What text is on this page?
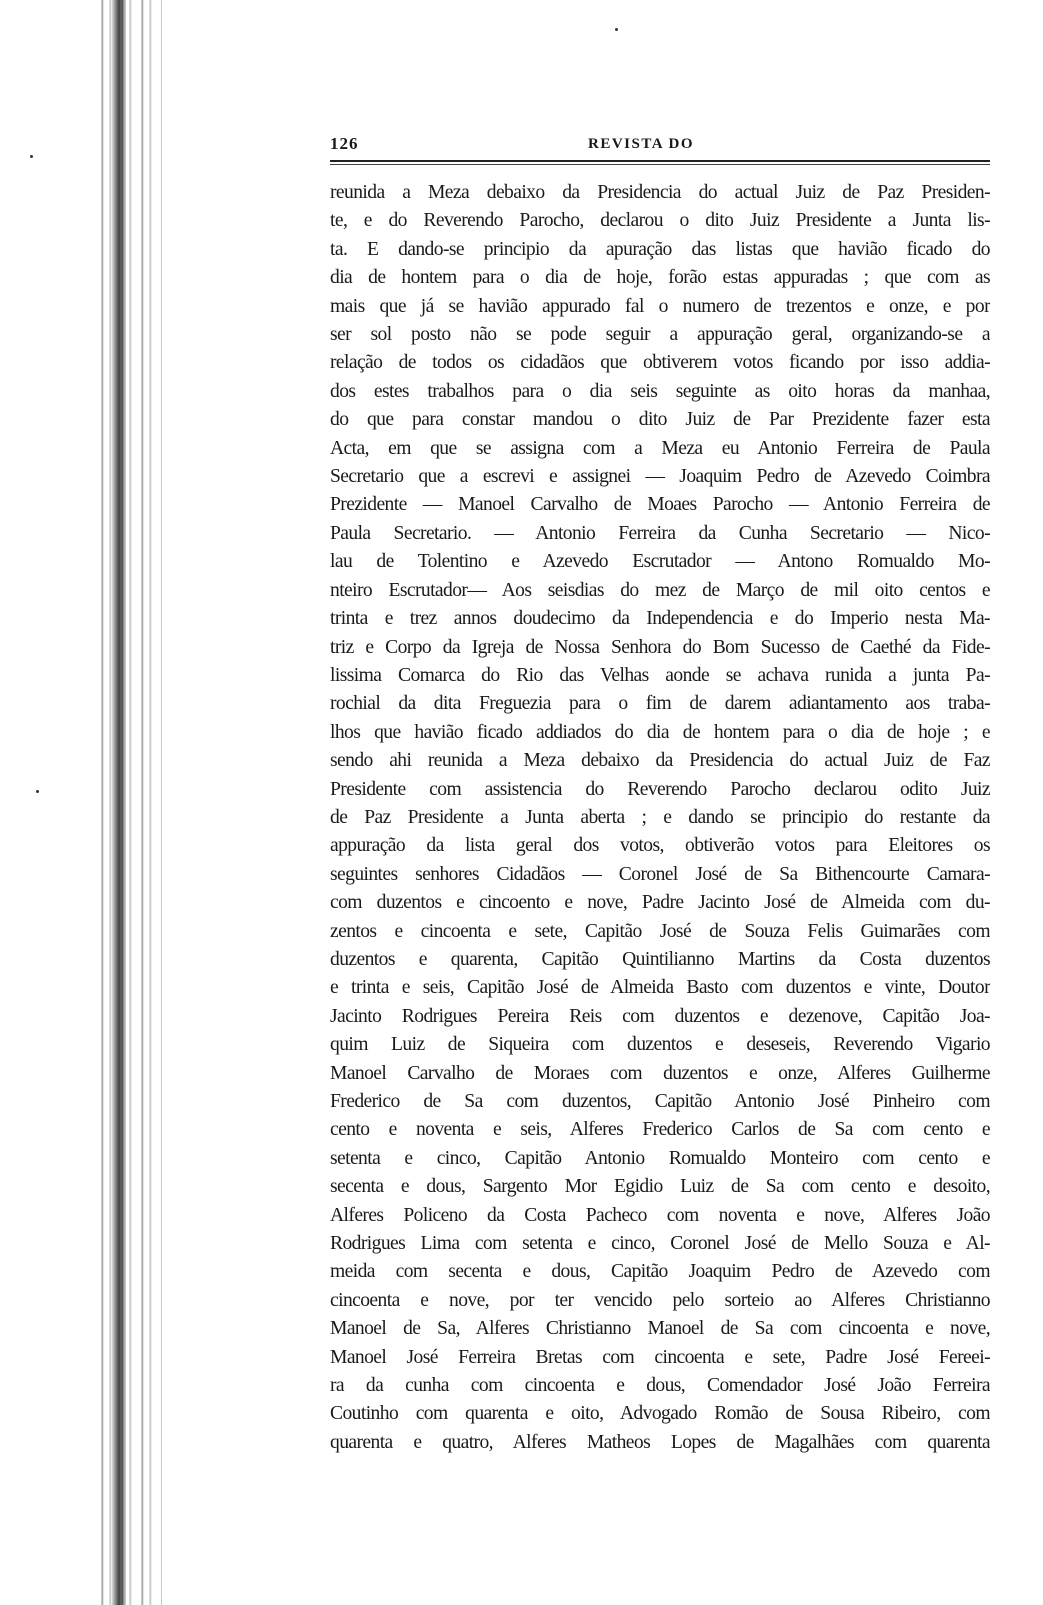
126	REVISTA DO
reunida a Meza debaixo da Presidencia do actual Juiz de Paz Presiden-
te, e do Reverendo Parocho, declarou o dito Juiz Presidente a Junta lis-
ta. E dando-se principio da apuração das listas que havião ficado do
dia de hontem para o dia de hoje, forão estas appuradas ; que com as
mais que já se havião appurado fal o numero de trezentos e onze, e por
ser sol posto não se pode seguir a appuração geral, organizando-se a
relação de todos os cidadãos que obtiverem votos ficando por isso addia-
dos estes trabalhos para o dia seis seguinte as oito horas da manhaa,
do que para constar mandou o dito Juiz de Par Prezidente fazer esta
Acta, em que se assigna com a Meza eu Antonio Ferreira de Paula
Secretario que a escrevi e assignei — Joaquim Pedro de Azevedo Coimbra
Prezidente — Manoel Carvalho de Moaes Parocho — Antonio Ferreira de
Paula Secretario. — Antonio Ferreira da Cunha Secretario — Nico-
lau de Tolentino e Azevedo Escrutador — Antono Romualdo Mo-
nteiro Escrutador— Aos seisdias do mez de Março de mil oito centos e
trinta e trez annos doudecimo da Independencia e do Imperio nesta Ma-
triz e Corpo da Igreja de Nossa Senhora do Bom Sucesso de Caethé da Fide-
lissima Comarca do Rio das Velhas aonde se achava runida a junta Pa-
rochial da dita Freguezia para o fim de darem adiantamento aos traba-
lhos que havião ficado addiados do dia de hontem para o dia de hoje ; e
sendo ahi reunida a Meza debaixo da Presidencia do actual Juiz de Faz
Presidente com assistencia do Reverendo Parocho declarou odito Juiz
de Paz Presidente a Junta aberta ; e dando se principio do restante da
appuração da lista geral dos votos, obtiverão votos para Eleitores os
seguintes senhores Cidadãos — Coronel José de Sa Bithencourte Camara-
com duzentos e cincoento e nove, Padre Jacinto José de Almeida com du-
zentos e cincoenta e sete, Capitão José de Souza Felis Guimarães com
duzentos e quarenta, Capitão Quintilianno Martins da Costa duzentos
e trinta e seis, Capitão José de Almeida Basto com duzentos e vinte, Doutor
Jacinto Rodrigues Pereira Reis com duzentos e dezenove, Capitão Joa-
quim Luiz de Siqueira com duzentos e deseseis, Reverendo Vigario
Manoel Carvalho de Moraes com duzentos e onze, Alferes Guilherme
Frederico de Sa com duzentos, Capitão Antonio José Pinheiro com
cento e noventa e seis, Alferes Frederico Carlos de Sa com cento e
setenta e cinco, Capitão Antonio Romualdo Monteiro com cento e
secenta e dous, Sargento Mor Egidio Luiz de Sa com cento e desoito,
Alferes Policeno da Costa Pacheco com noventa e nove, Alferes João
Rodrigues Lima com setenta e cinco, Coronel José de Mello Souza e Al-
meida com secenta e dous, Capitão Joaquim Pedro de Azevedo com
cincoenta e nove, por ter vencido pelo sorteio ao Alferes Christianno
Manoel de Sa, Alferes Christianno Manoel de Sa com cincoenta e nove,
Manoel José Ferreira Bretas com cincoenta e sete, Padre José Fereei-
ra da cunha com cincoenta e dous, Comendador José João Ferreira
Coutinho com quarenta e oito, Advogado Romão de Sousa Ribeiro, com
quarenta e quatro, Alferes Matheos Lopes de Magalhães com quarenta
